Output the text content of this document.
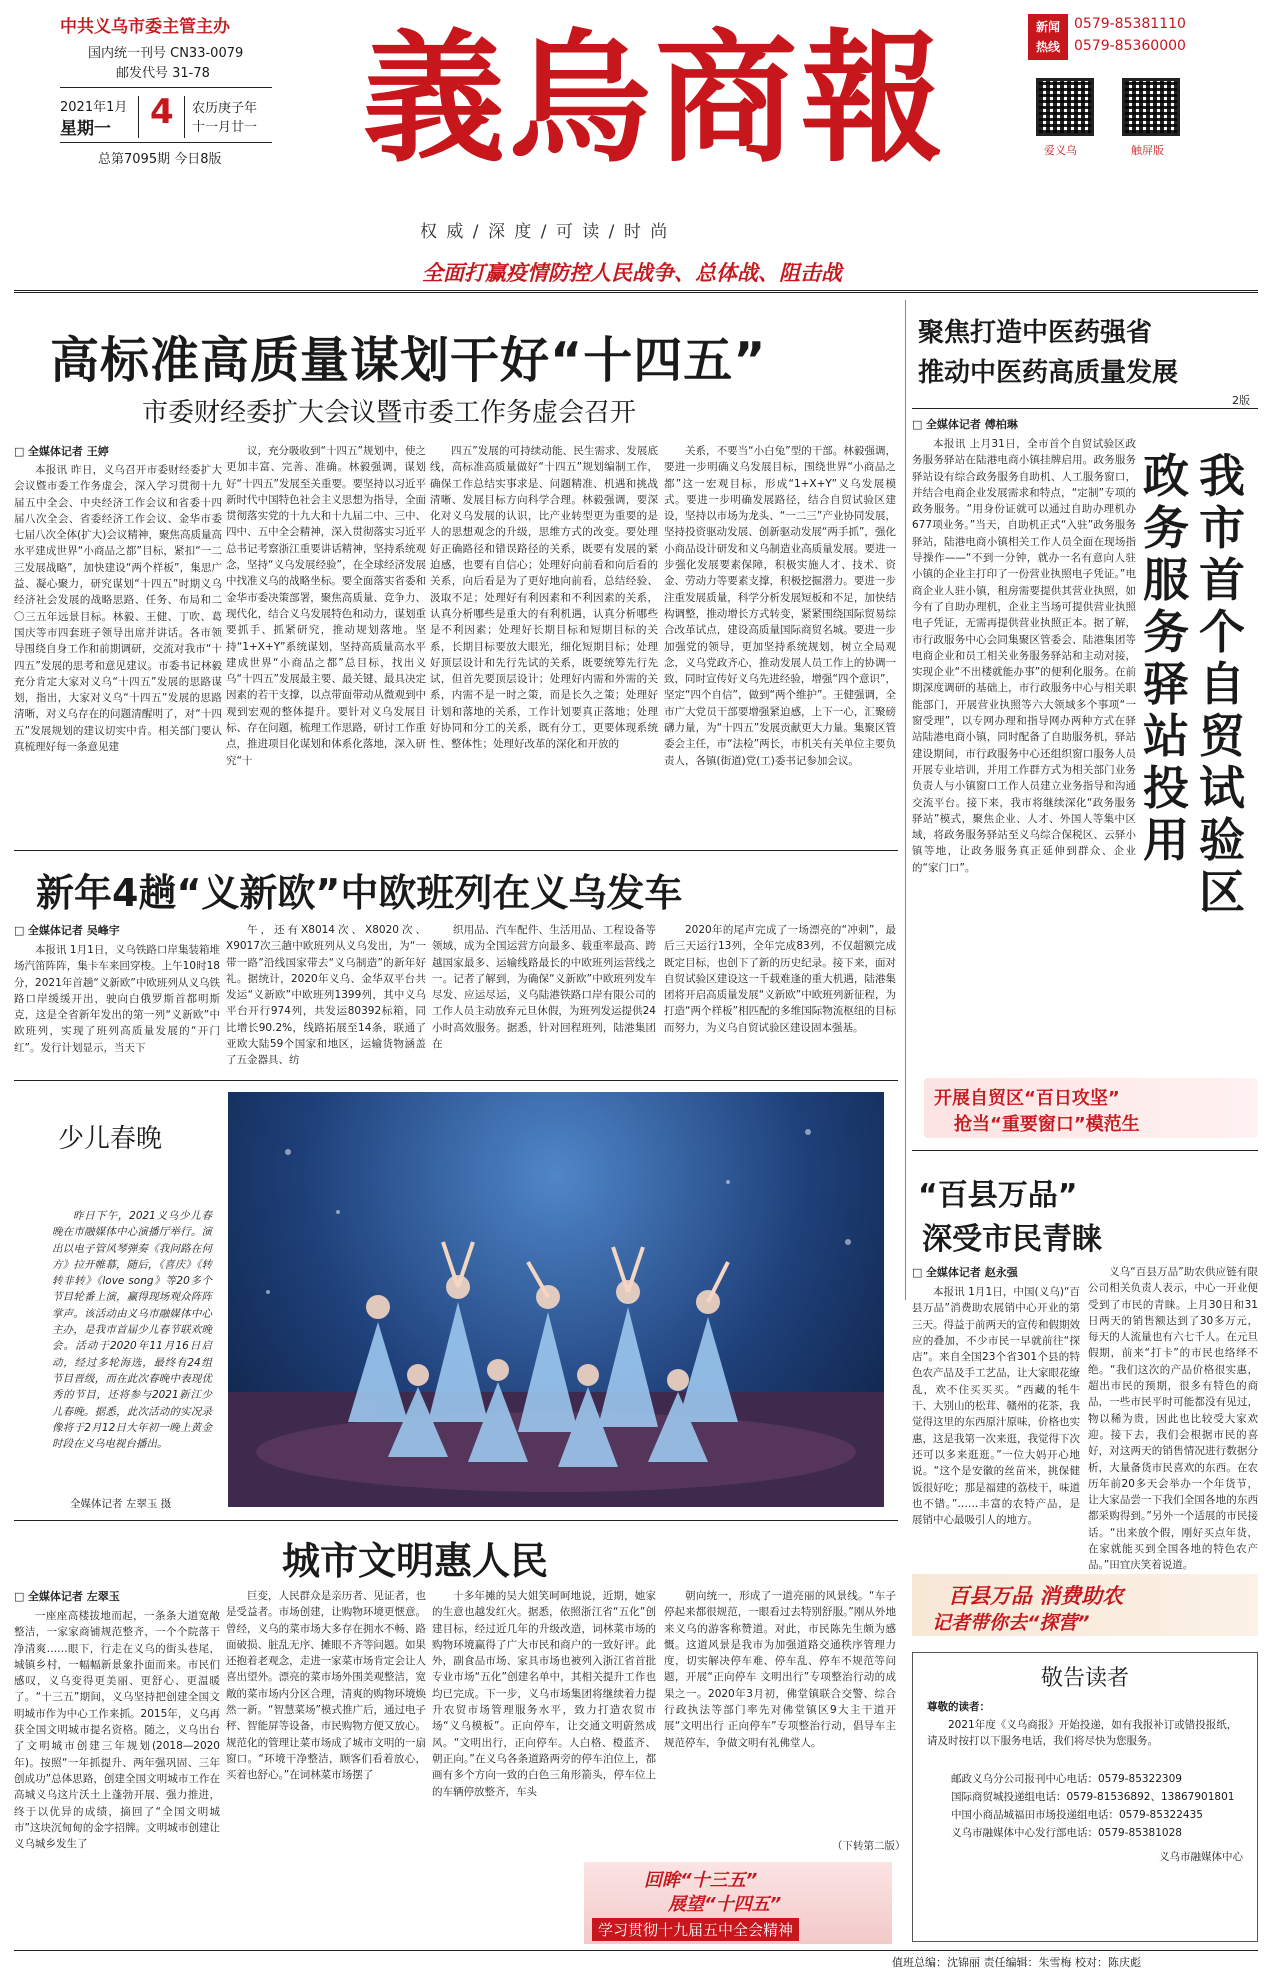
中共义乌市委主管主办
国内统一刊号 CN33-0079
邮发代号 31-78
2021年1月
星期一 4 农历庚子年
十一月廿一
总第7095期 今日8版 義烏商報	新闻
热线
0579-85381110
0579-85360000
爱义乌	触屏版
权 威 / 深 度 / 可 读 / 时 尚
全面打赢疫情防控人民战争、总体战、阻击战
高标准高质量谋划干好“十四五”
市委财经委扩大会议暨市委工作务虚会召开
□ 全媒体记者 王婷

本报讯 昨日，义乌召开市委财经委扩大会议暨市委工作务虚会，深入学习贯彻十九届五中全会、中央经济工作会议和省委十四届八次全会、省委经济工作会议、金华市委七届八次全体(扩大)会议精神，聚焦高质量高水平建成世界“小商品之都”目标，紧扣“一二三发展战略”，加快建设“两个样板”，集思广益、凝心聚力，研究谋划“十四五”时期义乌经济社会发展的战略思路、任务、布局和二〇三五年远景目标。林毅、王健、丁吹、葛国庆等市四套班子领导出席并讲话。各市领导围绕自身工作和前期调研，交流对我市“十四五”发展的思考和意见建议。市委书记林毅充分肯定大家对义乌“十四五”发展的思路谋划，指出，大家对义乌“十四五”发展的思路清晰，对义乌存在的问题清醒明了，对“十四五”发展规划的建议切实中肯。相关部门要认真梳理好每一条意见建

议，充分吸收到“十四五”规划中，使之更加丰富、完善、准确。林毅强调，谋划好“十四五”发展至关重要。要坚持以习近平新时代中国特色社会主义思想为指导，全面贯彻落实党的十九大和十九届二中、三中、四中、五中全会精神，深入贯彻落实习近平总书记考察浙江重要讲话精神，坚持系统观念，坚持“义乌发展经验”，在全球经济发展中找准义乌的战略坐标。要全面落实省委和金华市委决策部署，聚焦高质量、竞争力、现代化，结合义乌发展特色和动力，谋划重要抓手、抓紧研究，推动规划落地。坚持“1+X+Y”系统谋划，坚持高质量高水平建成世界“小商品之都”总目标，找出义乌“十四五”发展最主要、最关键、最具决定因素的若干支撑，以点带面带动从微观到中观到宏观的整体提升。要针对义乌发展目标、存在问题，梳理工作思路，研讨工作重点，推进项目化谋划和体系化落地，深入研究“十

四五”发展的可持续动能、民生需求、发展底线，高标准高质量做好“十四五”规划编制工作，确保工作总结实事求是、问题精准、机遇和挑战清晰、发展目标方向科学合理。林毅强调，要深化对义乌发展的认识，比产业转型更为重要的是人的思想观念的升级，思维方式的改变。要处理好正确路径和错误路径的关系，既要有发展的紧迫感，也要有自信心；处理好向前看和向后看的关系，向后看是为了更好地向前看，总结经验、汲取不足；处理好有利因素和不利因素的关系，认真分析哪些是重大的有利机遇，认真分析哪些是不利因素；处理好长期目标和短期目标的关系，长期目标要放大眼光，细化短期目标；处理好顶层设计和先行先试的关系，既要统筹先行先试，但首先要顶层设计；处理好内需和外需的关系，内需不是一时之策，而是长久之策；处理好计划和落地的关系，工作计划要真正落地；处理好协同和分工的关系，既有分工，更要体现系统性、整体性；处理好改革的深化和开放的

关系，不要当“小白兔”型的干部。林毅强调，要进一步明确义乌发展目标，围绕世界“小商品之都”这一宏观目标，形成“1+X+Y”义乌发展模式。要进一步明确发展路径，结合自贸试验区建设，坚持以市场为龙头、“一二三”产业协同发展，坚持投资驱动发展、创新驱动发展“两手抓”，强化小商品设计研发和义乌制造业高质量发展。要进一步强化发展要素保障，积极实施人才、技术、资金、劳动力等要素支撑，积极挖掘潜力。要进一步注重发展质量，科学分析发展短板和不足，加快结构调整，推动增长方式转变，紧紧围绕国际贸易综合改革试点，建设高质量国际商贸名城。要进一步加强党的领导，更加坚持系统规划，树立全局观念，义乌党政齐心，推动发展人员工作上的协调一致，同时宣传好义乌先进经验，增强“四个意识”，坚定“四个自信”，做到“两个维护”。王健强调，全市广大党员干部要增强紧迫感，上下一心，汇聚磅礴力量，为“十四五”发展贡献更大力量。集聚区管委会主任，市“法检”两长，市机关有关单位主要负责人，各镇(街道)党(工)委书记参加会议。

聚焦打造中医药强省
推动中医药高质量发展
2版
□ 全媒体记者 傅柏琳
我市首个自贸试验区
政务服务驿站投用

本报讯 上月31日，全市首个自贸试验区政务服务驿站在陆港电商小镇挂牌启用。政务服务驿站设有综合政务服务自助机、人工服务窗口，并结合电商企业发展需求和特点，“定制”专项的政务服务。“用身份证就可以通过自助办理机办677项业务。”当天，自助机正式“入驻”政务服务驿站，陆港电商小镇相关工作人员全面在现场指导操作——“不到一分钟，就办一名有意向人驻小镇的企业主打印了一份营业执照电子凭证。”电商企业人驻小镇，租房需要提供其营业执照，如今有了自助办理机，企业主当场可提供营业执照电子凭证，无需再提供营业执照正本。据了解，市行政服务中心会同集聚区管委会、陆港集团等电商企业和员工相关业务服务驿站和主动对接，实现企业“不出楼就能办事”的便利化服务。在前期深度调研的基础上，市行政服务中心与相关职能部门，开展营业执照等六大领域多个事项“一窗受理”，以专网办理和指导网办两种方式在驿站陆港电商小镇，同时配备了自助服务机，驿站建设期间，市行政服务中心还组织窗口服务人员开展专业培训，并用工作群方式为相关部门业务负责人与小镇窗口工作人员建立业务指导和沟通交流平台。接下来，我市将继续深化“政务服务驿站”模式，聚焦企业、人才、外国人等集中区域，将政务服务驿站至义乌综合保税区、云驿小镇等地，让政务服务真正延伸到群众、企业的“家门口”。

开展自贸区“百日攻坚”
抢当“重要窗口”模范生
新年4趟“义新欧”中欧班列在义乌发车
□ 全媒体记者 吴峰宇

本报讯 1月1日，义乌铁路口岸集装箱堆场汽笛阵阵，集卡车来回穿梭。上午10时18分，2021年首趟“义新欧”中欧班列从义乌铁路口岸缓缓开出，驶向白俄罗斯首都明斯克，这是全省新年发出的第一列“义新欧”中欧班列，实现了班列高质量发展的“开门红”。发行计划显示，当天下

午，还有X8014次、X8020次、X9017次三趟中欧班列从义乌发出，为“一带一路”沿线国家带去“义乌制造”的新年好礼。据统计，2020年义乌、金华双平台共发运“义新欧”中欧班列1399列，其中义乌平台开行974列，共发运80392标箱，同比增长90.2%，线路拓展至14条，联通了亚欧大陆59个国家和地区，运输货物涵盖了五金器具、纺

织用品、汽车配件、生活用品、工程设备等领域，成为全国运营方向最多、载重率最高、跨越国家最多、运输线路最长的中欧班列运营线之一。记者了解到，为确保“义新欧”中欧班列发车尽发、应运尽运，义乌陆港铁路口岸有限公司的工作人员主动放弃元旦休假，为班列发运提供24小时高效服务。据悉，针对回程班列，陆港集团在

2020年的尾声完成了一场漂亮的“冲刺”，最后三天运行13列，全年完成83列，不仅超额完成既定目标，也创下了新的历史纪录。接下来，面对自贸试验区建设这一千载难逢的重大机遇，陆港集团将开启高质量发展“义新欧”中欧班列新征程，为打造“两个样板”相匹配的多维国际物流枢纽的目标而努力，为义乌自贸试验区建设固本强基。

少儿春晚

昨日下午，2021义乌少儿春晚在市融媒体中心演播厅举行。演出以电子管风琴弹奏《我问路在何方》拉开帷幕，随后，《喜庆》《转转非转》《love song》等20多个节目轮番上演，赢得现场观众阵阵掌声。该活动由义乌市融媒体中心主办，是我市首届少儿春节联欢晚会。活动于2020年11月16日启动，经过多轮海选，最终有24组节目晋级，而在此次春晚中表现优秀的节目，还将参与2021新江少儿春晚。据悉，此次活动的实况录像将于2月12日大年初一晚上黄金时段在义乌电视台播出。

全媒体记者 左翠玉 摄
城市文明惠人民
□ 全媒体记者 左翠玉

一座座高楼拔地而起，一条条大道宽敞整洁，一家家商铺规范整齐，一个个院落干净清爽……眼下，行走在义乌的街头巷尾，城镇乡村，一幅幅新景象扑面而来。市民们感叹，义乌变得更美丽、更舒心、更温暖了。“十三五”期间，义乌坚持把创建全国文明城市作为中心工作来抓。2015年，义乌再获全国文明城市提名资格。随之，义乌出台了文明城市创建三年规划(2018—2020年)。按照“一年抓提升、两年强巩固、三年创成功”总体思路，创建全国文明城市工作在高城义乌这片沃土上蓬勃开展、强力推进，终于以优异的成绩，摘回了“全国文明城市”这块沉甸甸的金字招牌。文明城市创建让义乌城乡发生了

巨变，人民群众是亲历者、见证者，也是受益者。市场创建，让购物环境更惬意。曾经，义乌的菜市场大多存在拥水不畅、路面破损、脏乱无序、摊眼不齐等问题。如果还抱着老观念，走进一家菜市场肯定会让人喜出望外。漂亮的菜市场外围美观整洁，宽敞的菜市场内分区合理，清爽的购物环境焕然一新。“智慧菜场”模式推广后，通过电子秤、智能屏等设备，市民购物方便又放心。规范化的管理让菜市场成了城市文明的一扇窗口。“环境干净整洁，顾客们看着放心，买着也舒心。”在词林菜市场摆了

十多年摊的吴大姐笑呵呵地说，近期，她家的生意也越发红火。据悉，依照浙江省“五化”创建目标，经过近几年的升级改造，词林菜市场的购物环境赢得了广大市民和商户的一致好评。此外，副食品市场、家具市场也被列入浙江省首批专业市场“五化”创建名单中，其相关提升工作也均已完成。下一步，义乌市场集团将继续着力提升农贸市场管理服务水平，致力打造农贸市场“义乌模板”。正向停车，让交通文明蔚然成风。“文明出行，正向停车。人白格、橙蓝齐、朝正向。”在义乌各条道路两旁的停车泊位上，都画有多个方向一致的白色三角形箭头，停车位上的车辆停放整齐，车头

朝向统一，形成了一道亮丽的风景线。“车子停起来都很规范，一眼看过去特别舒服。”刚从外地来义乌的游客称赞道。对此，市民陈先生颇为感慨。这道风景是我市为加强道路交通秩序管理力度，切实解决停车难、停车乱、停车不规范等问题，开展“正向停车 文明出行”专项整治行动的成果之一。2020年3月初，佛堂镇联合交警、综合行政执法等部门率先对佛堂镇区9大主干道开展“文明出行 正向停车”专项整治行动，倡导车主规范停车，争做文明有礼佛堂人。

（下转第二版）
回眸“十三五”
展望“十四五”
学习贯彻十九届五中全会精神
“百县万品”
深受市民青睐
□ 全媒体记者 赵永强

本报讯 1月1日，中国(义乌)“百县万品”消费助农展销中心开业的第三天。得益于前两天的宣传和假期效应的叠加，不少市民一早就前往“探店”。来自全国23个省301个县的特色农产品及手工艺品，让大家眼花缭乱，欢不住买买买。“西藏的牦牛干、大别山的松茸、赣州的花茶，我觉得这里的东西原汁原味，价格也实惠，这是我第一次来逛，我觉得下次还可以多来逛逛。”一位大妈开心地说。“这个是安徽的丝苗米，挑保健饭很好吃；那是福建的荔枝干，味道也不错。”……丰富的农特产品，是展销中心最吸引人的地方。

义乌“百县万品”助农供应链有限公司相关负责人表示，中心一开业便受到了市民的青睐。上月30日和31日两天的销售额达到了30多万元，每天的人流量也有六七千人。在元旦假期，前来“打卡”的市民也络绎不绝。“我们这次的产品价格很实惠，超出市民的预期，很多有特色的商品，一些市民平时可能都没有见过，物以稀为贵，因此也比较受大家欢迎。接下去，我们会根据市民的喜好，对这两天的销售情况进行数据分析，大量备货市民喜欢的东西。在农历年前20多天会举办一个年货节，让大家品尝一下我们全国各地的东西都采购得到。”另外一个适展的市民接话。“出来放个假，刚好买点年货，在家就能买到全国各地的特色农产品。”田宜庆笑着说道。

百县万品 消费助农
记者带你去“探营”
敬告读者
尊敬的读者：
2021年度《义乌商报》开始投递，如有我报补订或错投报纸，请及时按打以下服务电话，我们将尽快为您服务。
邮政义乌分公司报刊中心电话：0579-85322309
国际商贸城投递组电话：0579-81536892、13867901801
中国小商品城福田市场投递组电话：0579-85322435
义乌市融媒体中心发行部电话：0579-85381028
义乌市融媒体中心
值班总编：沈锦丽 责任编辑：朱雪梅 校对：陈庆彪
